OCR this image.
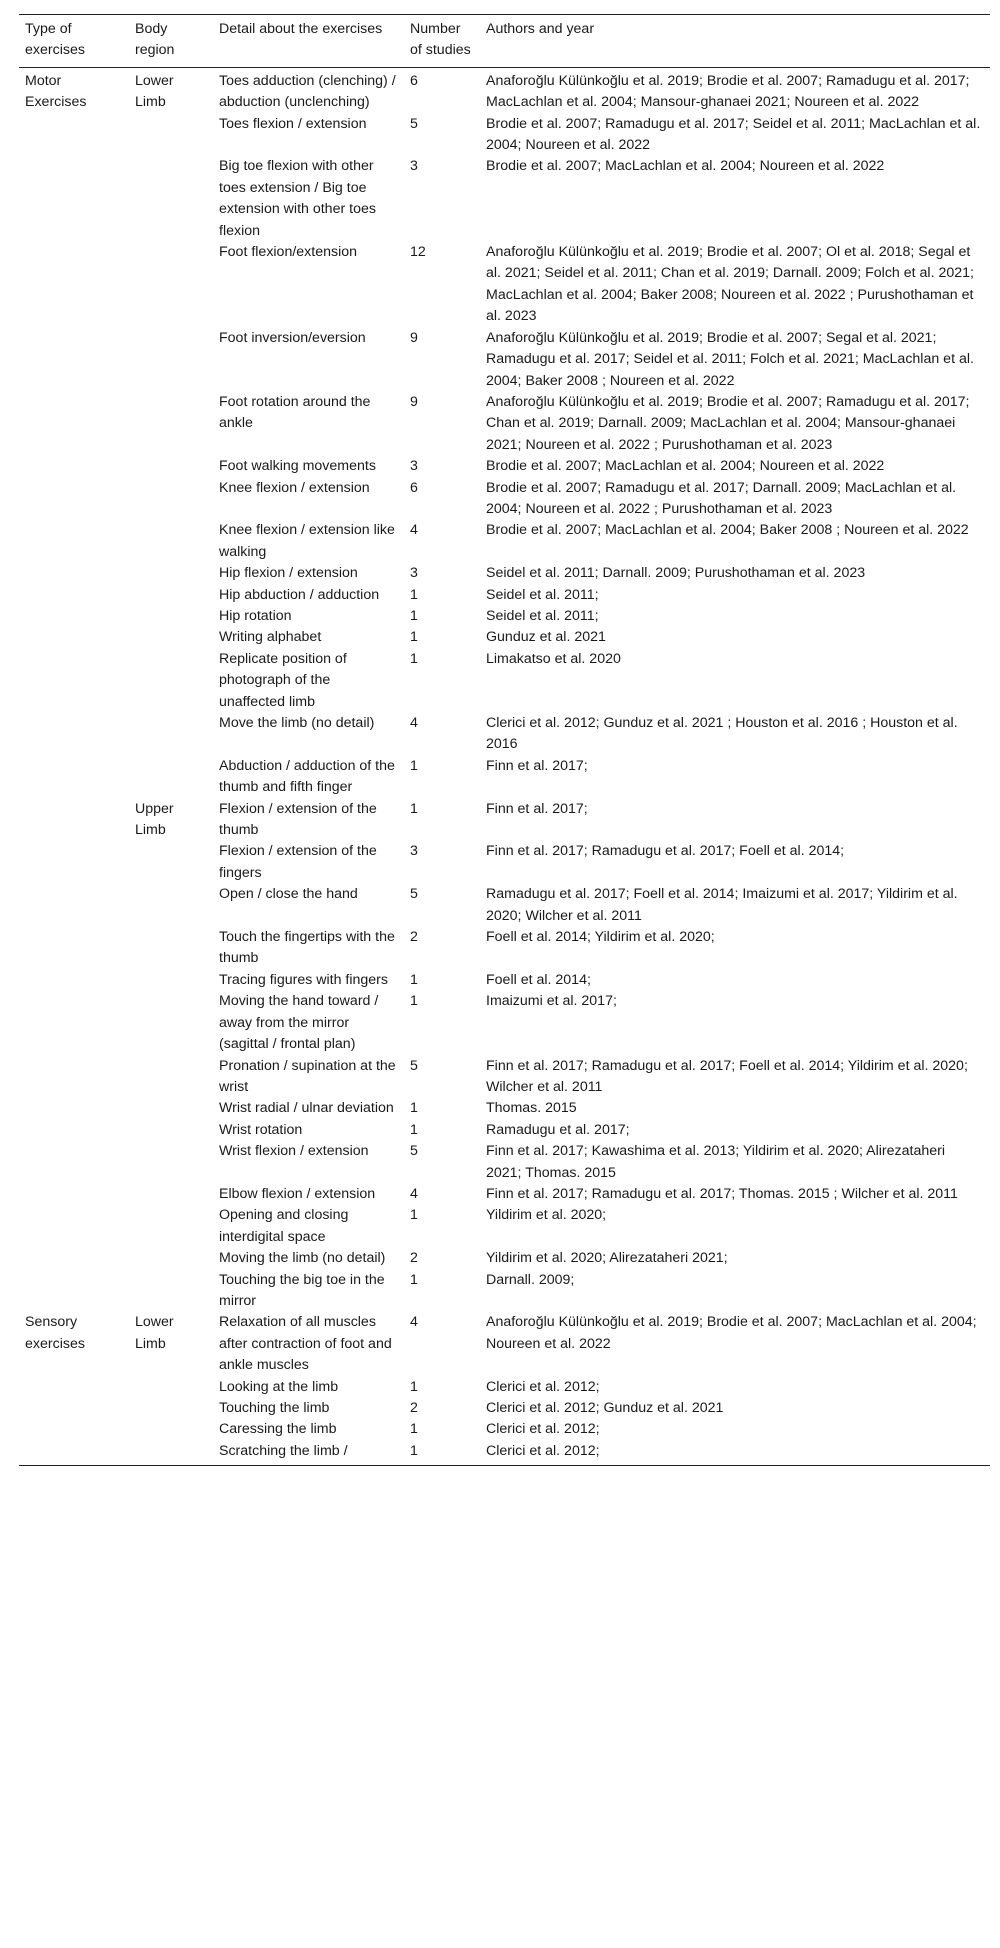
Type of exercises	Body region	Detail about the exercises	Number of studies	Authors and year
Motor Exercises	Lower Limb	Toes adduction (clenching) / abduction (unclenching)	6	Anaforoğlu Külünkoğlu et al. 2019; Brodie et al. 2007; Ramadugu et al. 2017; MacLachlan et al. 2004; Mansour-ghanaei 2021; Noureen et al. 2022
		Toes flexion / extension	5	Brodie et al. 2007; Ramadugu et al. 2017; Seidel et al. 2011; MacLachlan et al. 2004; Noureen et al. 2022
		Big toe flexion with other toes extension / Big toe extension with other toes flexion	3	Brodie et al. 2007; MacLachlan et al. 2004; Noureen et al. 2022
		Foot flexion/extension	12	Anaforoğlu Külünkoğlu et al. 2019; Brodie et al. 2007; Ol et al. 2018; Segal et al. 2021; Seidel et al. 2011; Chan et al. 2019; Darnall. 2009; Folch et al. 2021; MacLachlan et al. 2004; Baker 2008; Noureen et al. 2022 ; Purushothaman et al. 2023
		Foot inversion/eversion	9	Anaforoğlu Külünkoğlu et al. 2019; Brodie et al. 2007; Segal et al. 2021; Ramadugu et al. 2017; Seidel et al. 2011; Folch et al. 2021; MacLachlan et al. 2004; Baker 2008 ; Noureen et al. 2022
		Foot rotation around the ankle	9	Anaforoğlu Külünkoğlu et al. 2019; Brodie et al. 2007; Ramadugu et al. 2017; Chan et al. 2019; Darnall. 2009; MacLachlan et al. 2004; Mansour-ghanaei 2021; Noureen et al. 2022 ; Purushothaman et al. 2023
		Foot walking movements	3	Brodie et al. 2007; MacLachlan et al. 2004; Noureen et al. 2022
		Knee flexion / extension	6	Brodie et al. 2007; Ramadugu et al. 2017; Darnall. 2009; MacLachlan et al. 2004; Noureen et al. 2022 ; Purushothaman et al. 2023
		Knee flexion / extension like walking	4	Brodie et al. 2007; MacLachlan et al. 2004; Baker 2008 ; Noureen et al. 2022
		Hip flexion / extension	3	Seidel et al. 2011; Darnall. 2009; Purushothaman et al. 2023
		Hip abduction / adduction	1	Seidel et al. 2011;
		Hip rotation	1	Seidel et al. 2011;
		Writing alphabet	1	Gunduz et al. 2021
		Replicate position of photograph of the unaffected limb	1	Limakatso et al. 2020
		Move the limb (no detail)	4	Clerici et al. 2012; Gunduz et al. 2021 ; Houston et al. 2016 ; Houston et al. 2016
		Abduction / adduction of the thumb and fifth finger	1	Finn et al. 2017;
	Upper Limb	Flexion / extension of the thumb	1	Finn et al. 2017;
		Flexion / extension of the fingers	3	Finn et al. 2017; Ramadugu et al. 2017; Foell et al. 2014;
		Open / close the hand	5	Ramadugu et al. 2017; Foell et al. 2014; Imaizumi et al. 2017; Yildirim et al. 2020; Wilcher et al. 2011
		Touch the fingertips with the thumb	2	Foell et al. 2014; Yildirim et al. 2020;
		Tracing figures with fingers	1	Foell et al. 2014;
		Moving the hand toward / away from the mirror (sagittal / frontal plan)	1	Imaizumi et al. 2017;
		Pronation / supination at the wrist	5	Finn et al. 2017; Ramadugu et al. 2017; Foell et al. 2014; Yildirim et al. 2020; Wilcher et al. 2011
		Wrist radial / ulnar deviation	1	Thomas. 2015
		Wrist rotation	1	Ramadugu et al. 2017;
		Wrist flexion / extension	5	Finn et al. 2017; Kawashima et al. 2013; Yildirim et al. 2020; Alirezataheri 2021; Thomas. 2015
		Elbow flexion / extension	4	Finn et al. 2017; Ramadugu et al. 2017; Thomas. 2015 ; Wilcher et al. 2011
		Opening and closing interdigital space	1	Yildirim et al. 2020;
		Moving the limb (no detail)	2	Yildirim et al. 2020; Alirezataheri 2021;
		Touching the big toe in the mirror	1	Darnall. 2009;
Sensory exercises	Lower Limb	Relaxation of all muscles after contraction of foot and ankle muscles	4	Anaforoğlu Külünkoğlu et al. 2019; Brodie et al. 2007; MacLachlan et al. 2004; Noureen et al. 2022
		Looking at the limb	1	Clerici et al. 2012;
		Touching the limb	2	Clerici et al. 2012; Gunduz et al. 2021
		Caressing the limb	1	Clerici et al. 2012;
		Scratching the limb /	1	Clerici et al. 2012;
